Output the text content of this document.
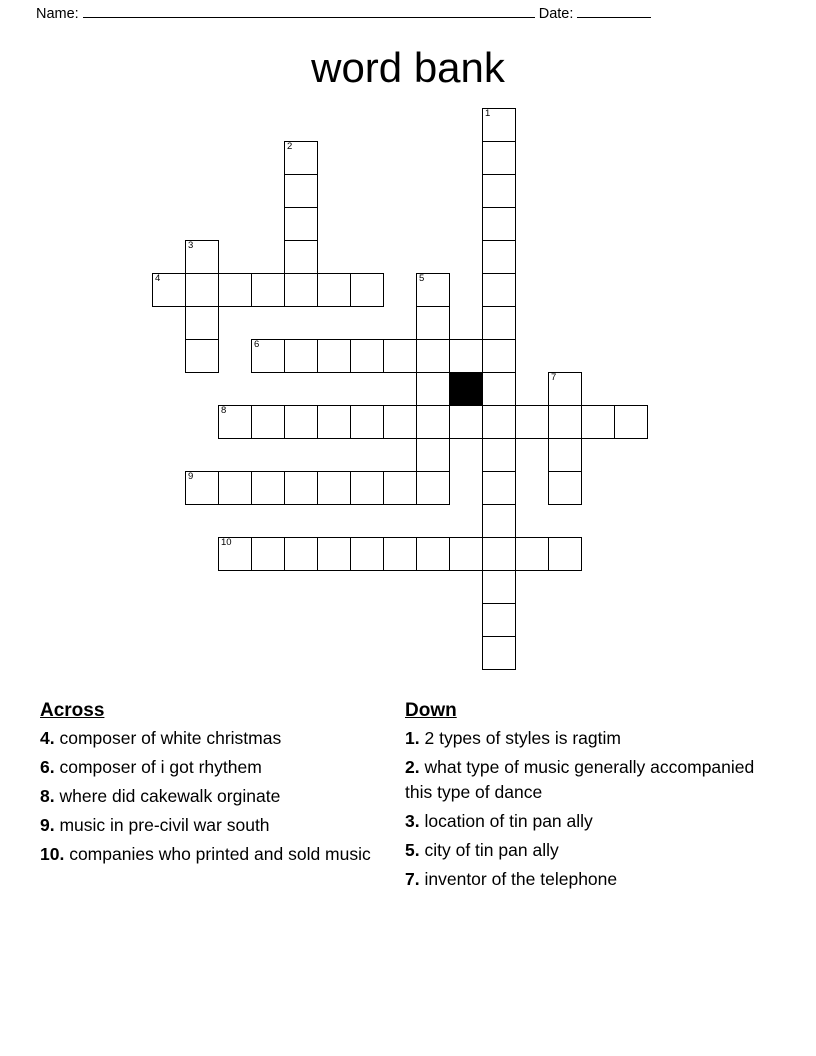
Name:	Date:
word bank
1
2
3
4	5
6
7
8
9
10
Across
4. composer of white christmas
6. composer of i got rhythem
8. where did cakewalk orginate
9. music in pre-civil war south
10. companies who printed and sold music
Down
1. 2 types of styles is ragtim
2. what type of music generally accompanied this type of dance
3. location of tin pan ally
5. city of tin pan ally
7. inventor of the telephone
